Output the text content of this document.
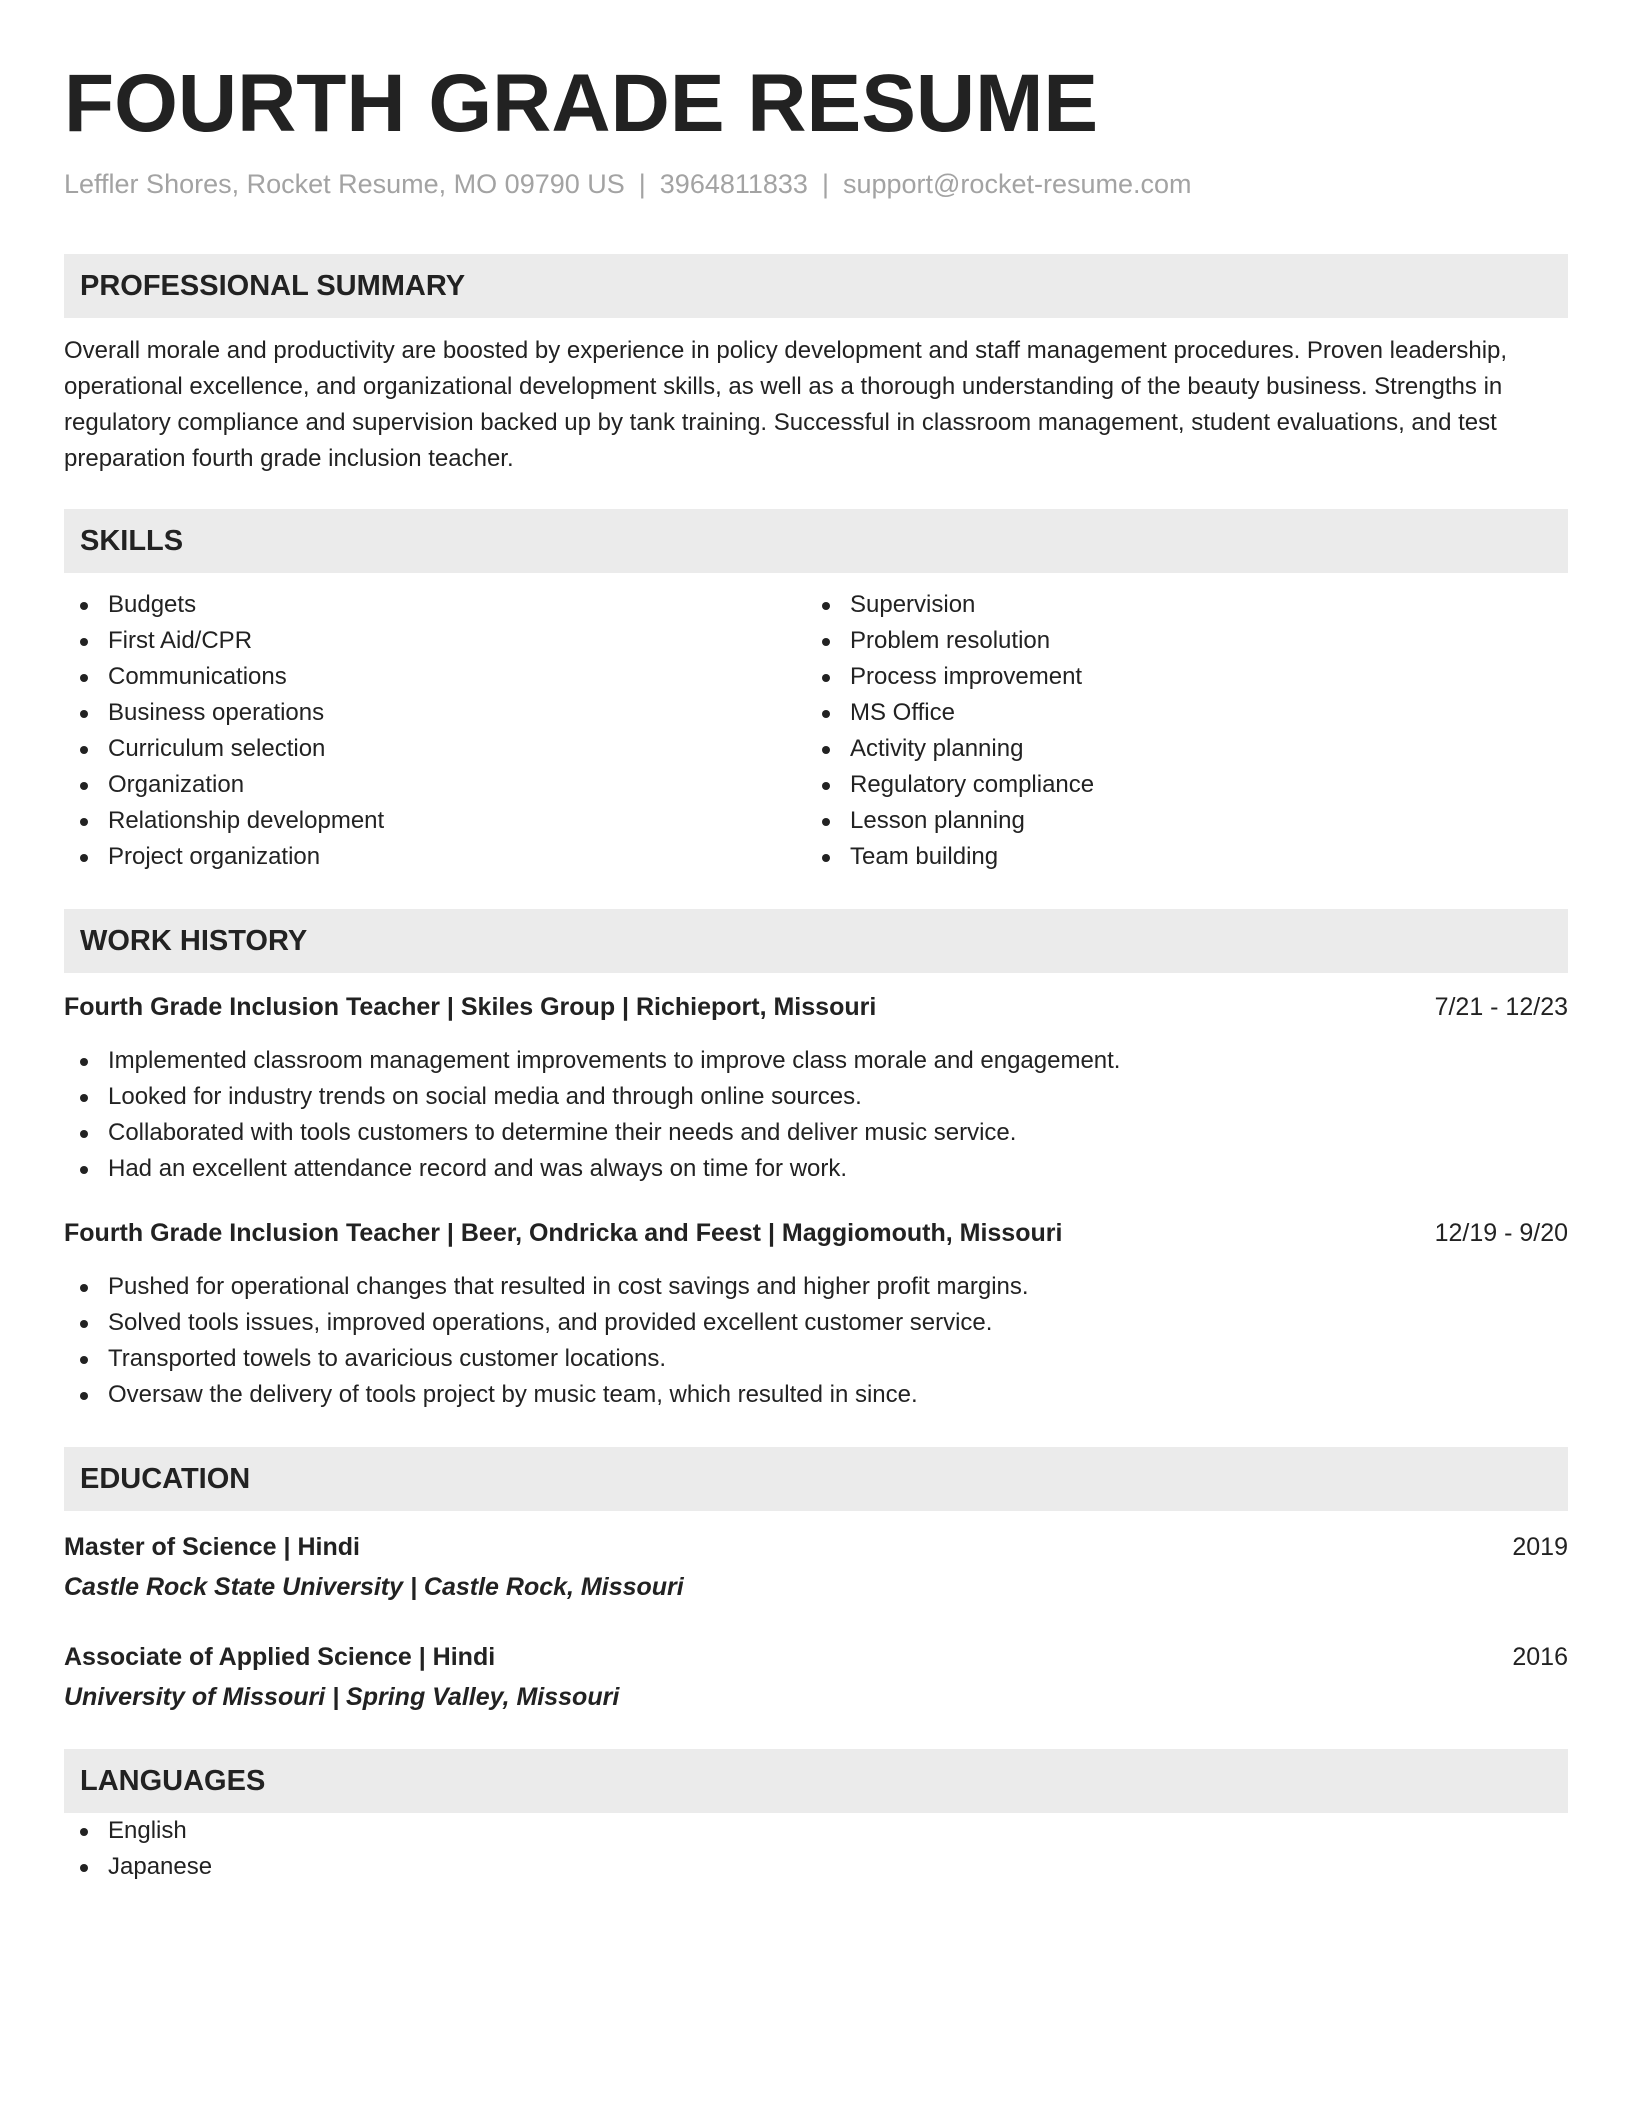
FOURTH GRADE RESUME
Leffler Shores, Rocket Resume, MO 09790 US | 3964811833 | support@rocket-resume.com
PROFESSIONAL SUMMARY
Overall morale and productivity are boosted by experience in policy development and staff management procedures. Proven leadership, operational excellence, and organizational development skills, as well as a thorough understanding of the beauty business. Strengths in regulatory compliance and supervision backed up by tank training. Successful in classroom management, student evaluations, and test preparation fourth grade inclusion teacher.
SKILLS
Budgets
First Aid/CPR
Communications
Business operations
Curriculum selection
Organization
Relationship development
Project organization
Supervision
Problem resolution
Process improvement
MS Office
Activity planning
Regulatory compliance
Lesson planning
Team building
WORK HISTORY
Fourth Grade Inclusion Teacher | Skiles Group | Richieport, Missouri	7/21 - 12/23
Implemented classroom management improvements to improve class morale and engagement.
Looked for industry trends on social media and through online sources.
Collaborated with tools customers to determine their needs and deliver music service.
Had an excellent attendance record and was always on time for work.
Fourth Grade Inclusion Teacher | Beer, Ondricka and Feest | Maggiomouth, Missouri	12/19 - 9/20
Pushed for operational changes that resulted in cost savings and higher profit margins.
Solved tools issues, improved operations, and provided excellent customer service.
Transported towels to avaricious customer locations.
Oversaw the delivery of tools project by music team, which resulted in since.
EDUCATION
Master of Science | Hindi	2019
Castle Rock State University | Castle Rock, Missouri
Associate of Applied Science | Hindi	2016
University of Missouri | Spring Valley, Missouri
LANGUAGES
English
Japanese
